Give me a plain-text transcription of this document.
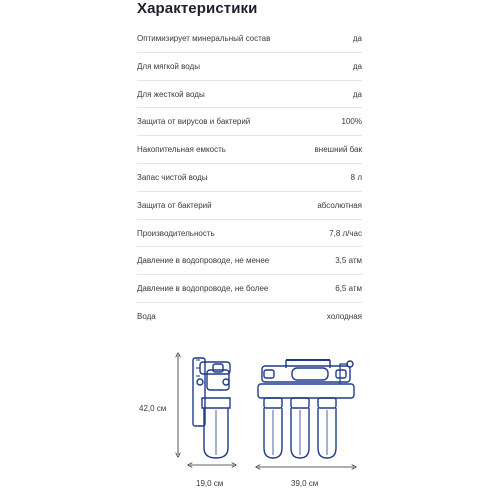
Характеристики
Оптимизирует минеральный состав	да
Для мягкой воды	да
Для жесткой воды	да
Защита от вирусов и бактерий	100%
Накопительная емкость	внешний бак
Запас чистой воды	8 л
Защита от бактерий	абсолютная
Производительность	7,8 л/час
Давление в водопроводе, не менее	3,5 атм
Давление в водопроводе, не более	6,5 атм
Вода	холодная
42,0 см
19,0 см	39,0 см
